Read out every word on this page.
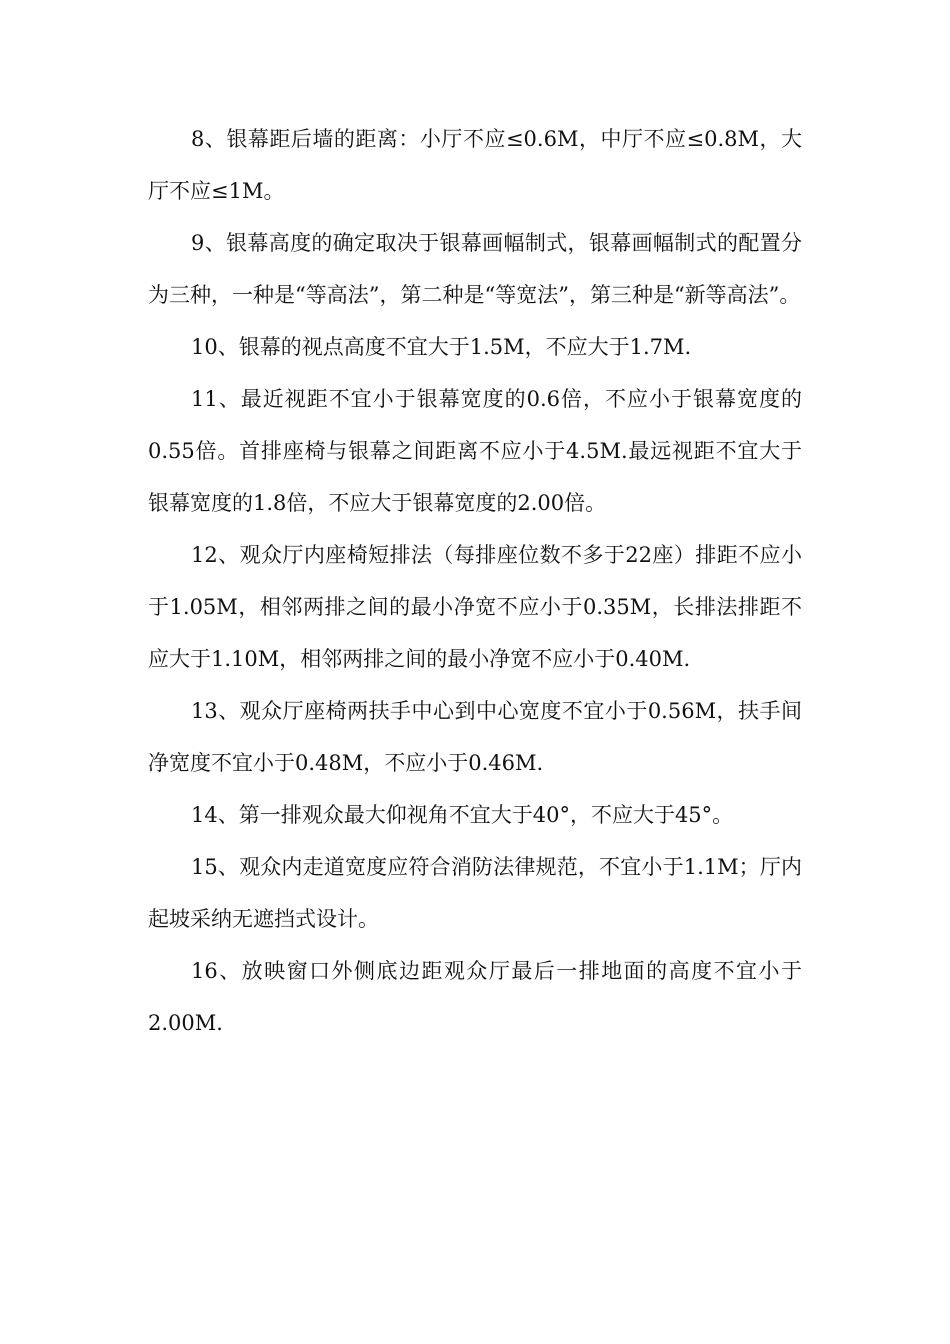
8、银幕距后墙的距离：小厅不应≤0.6M，中厅不应≤0.8M，大厅不应≤1M。

9、银幕高度的确定取决于银幕画幅制式，银幕画幅制式的配置分为三种，一种是“等高法”，第二种是“等宽法”，第三种是“新等高法”。

10、银幕的视点高度不宜大于1.5M，不应大于1.7M.

11、最近视距不宜小于银幕宽度的0.6倍，不应小于银幕宽度的0.55倍。首排座椅与银幕之间距离不应小于4.5M.最远视距不宜大于银幕宽度的1.8倍，不应大于银幕宽度的2.00倍。

12、观众厅内座椅短排法（每排座位数不多于22座）排距不应小于1.05M，相邻两排之间的最小净宽不应小于0.35M，长排法排距不应大于1.10M，相邻两排之间的最小净宽不应小于0.40M.

13、观众厅座椅两扶手中心到中心宽度不宜小于0.56M，扶手间净宽度不宜小于0.48M，不应小于0.46M.

14、第一排观众最大仰视角不宜大于40°，不应大于45°。

15、观众内走道宽度应符合消防法律规范，不宜小于1.1M；厅内起坡采纳无遮挡式设计。

16、放映窗口外侧底边距观众厅最后一排地面的高度不宜小于2.00M.
